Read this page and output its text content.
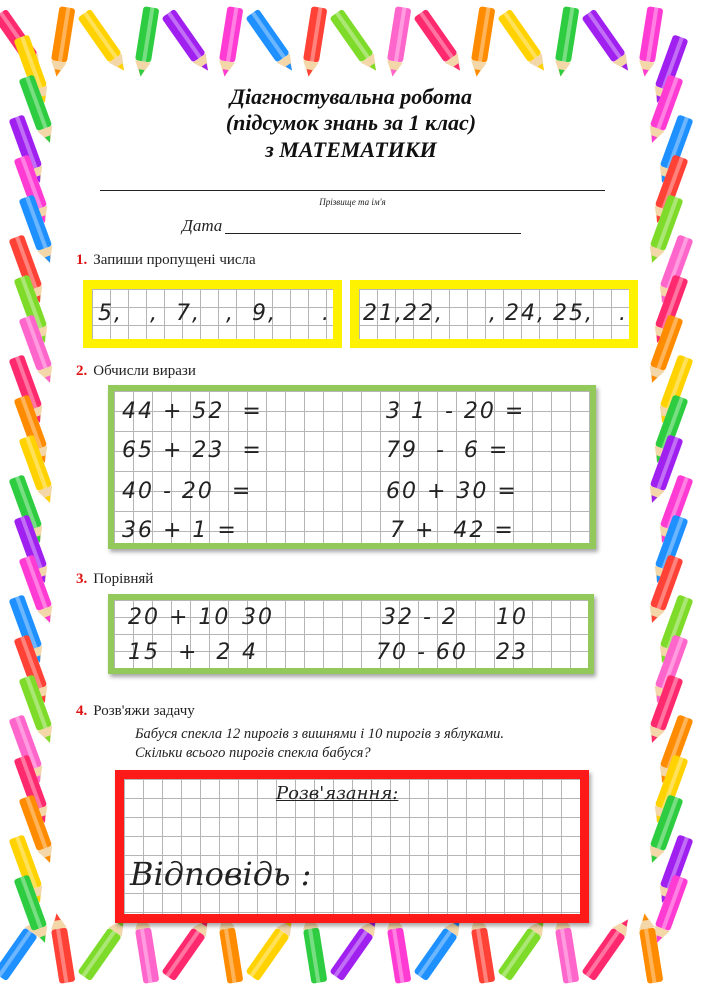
Діагностувальна робота
(підсумок знань за 1 клас)
з МАТЕМАТИКИ
Прізвище та ім'я
Дата
1. Запиши пропущені числа
5, , 7, , 9, . 21, 22, , 24, 25, .
2. Обчисли вирази
44 + 52  =
65 + 23  =
40 - 20  =
36 + 1 =
3 1  - 20 =
79  -  6 =
60 + 30 =
7 +  42 =
3. Порівняй
20 + 10 30
15  +  2 4
32 - 2 10
70 - 60 23
4. Розв'яжи задачу
Бабуся спекла 12 пирогів з вишнями і 10 пирогів з яблуками.
Скільки всього пирогів спекла бабуся?
Розв'язання:
Відповідь :
